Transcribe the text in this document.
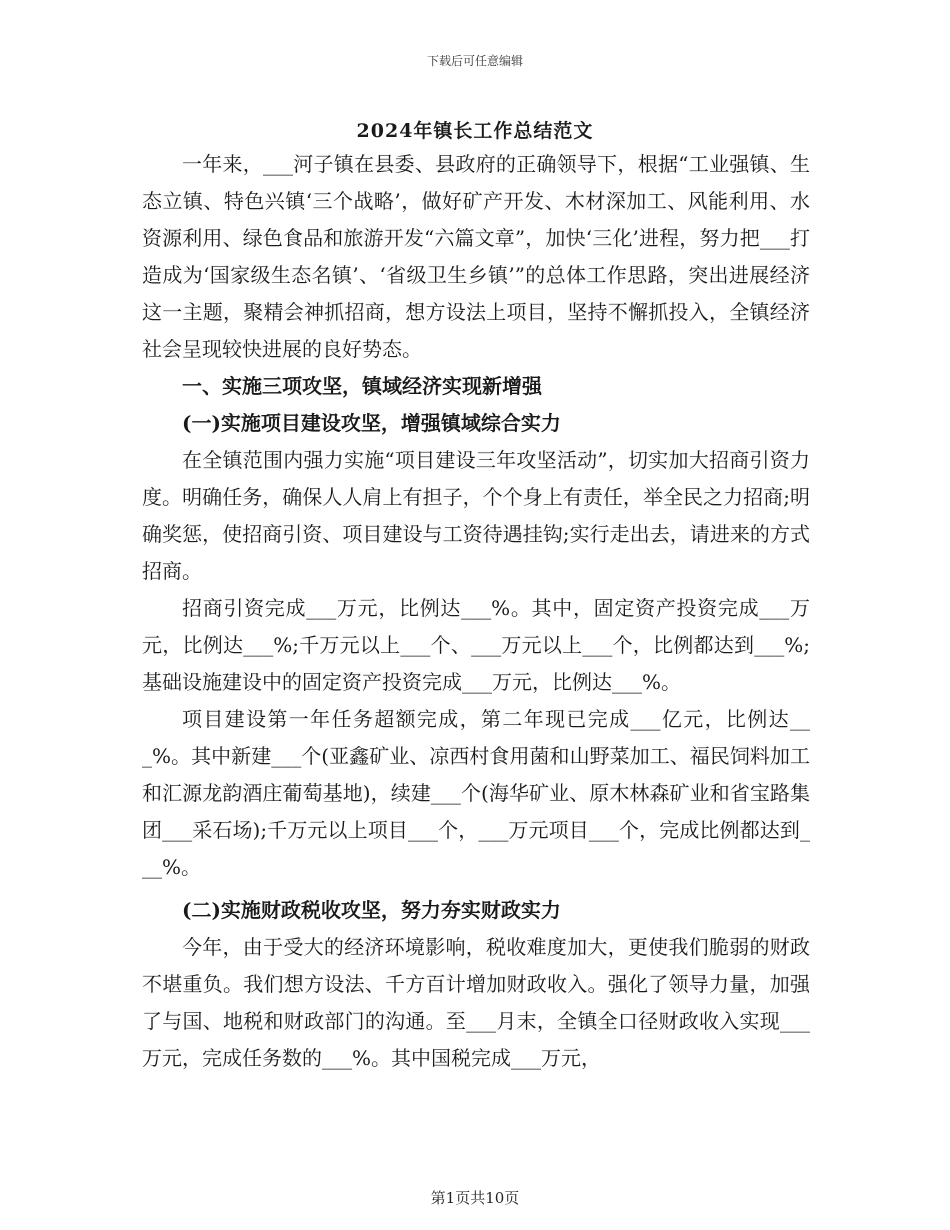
下载后可任意编辑
2024年镇长工作总结范文

一年来，___河子镇在县委、县政府的正确领导下，根据“工业强镇、生态立镇、特色兴镇‘三个战略’，做好矿产开发、木材深加工、风能利用、水资源利用、绿色食品和旅游开发“六篇文章”，加快‘三化’进程，努力把___打造成为‘国家级生态名镇’、‘省级卫生乡镇’”的总体工作思路，突出进展经济这一主题，聚精会神抓招商，想方设法上项目，坚持不懈抓投入，全镇经济社会呈现较快进展的良好势态。

一、实施三项攻坚，镇域经济实现新增强
(一)实施项目建设攻坚，增强镇域综合实力

在全镇范围内强力实施“项目建设三年攻坚活动”，切实加大招商引资力度。明确任务，确保人人肩上有担子，个个身上有责任，举全民之力招商;明确奖惩，使招商引资、项目建设与工资待遇挂钩;实行走出去，请进来的方式招商。

招商引资完成___万元，比例达___%。其中，固定资产投资完成___万元，比例达___%;千万元以上___个、___万元以上___个，比例都达到___%;基础设施建设中的固定资产投资完成___万元，比例达___%。

项目建设第一年任务超额完成，第二年现已完成___亿元，比例达___%。其中新建___个(亚鑫矿业、凉西村食用菌和山野菜加工、福民饲料加工和汇源龙韵酒庄葡萄基地)，续建___个(海华矿业、原木林森矿业和省宝路集团___采石场);千万元以上项目___个，___万元项目___个，完成比例都达到___%。

(二)实施财政税收攻坚，努力夯实财政实力

今年，由于受大的经济环境影响，税收难度加大，更使我们脆弱的财政不堪重负。我们想方设法、千方百计增加财政收入。强化了领导力量，加强了与国、地税和财政部门的沟通。至___月末，全镇全口径财政收入实现___万元，完成任务数的___%。其中国税完成___万元，

第1页共10页
